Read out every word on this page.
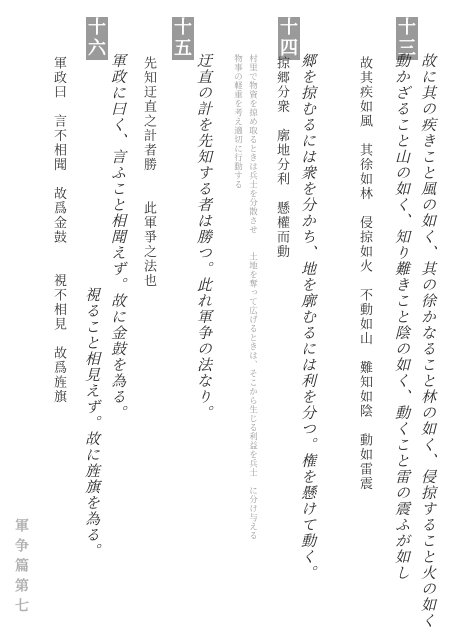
十
三
故に其の疾きこと風の如く、其の徐かなること林の如く、侵掠すること火の如く
動かざること山の如く、知り難きこと陰の如く、動くこと雷の震ふが如し
故其疾如風　其徐如林　侵掠如火　不動如山　難知如陰　動如雷震
十
四
郷を掠むるには衆を分かち、地を廓むるには利を分つ。権を懸けて動く。
掠郷分衆　廓地分利　懸權而動
村里で物資を掠め取るときは兵士を分散させ　　土地を奪って広げるときは、そこから生じる利益を兵士　に分け与える
物事の軽重を考え適切に行動する
十
五
迂直の計を先知する者は勝つ。此れ軍争の法なり。
先知迂直之計者勝　　此軍爭之法也
十
六
軍政に曰く、言ふこと相聞えず。故に金鼓を為る。
視ること相見えず。故に旌旗を為る。
軍政曰　言不相聞　故爲金鼓　　視不相見　故爲旌旗
軍争篇第七
